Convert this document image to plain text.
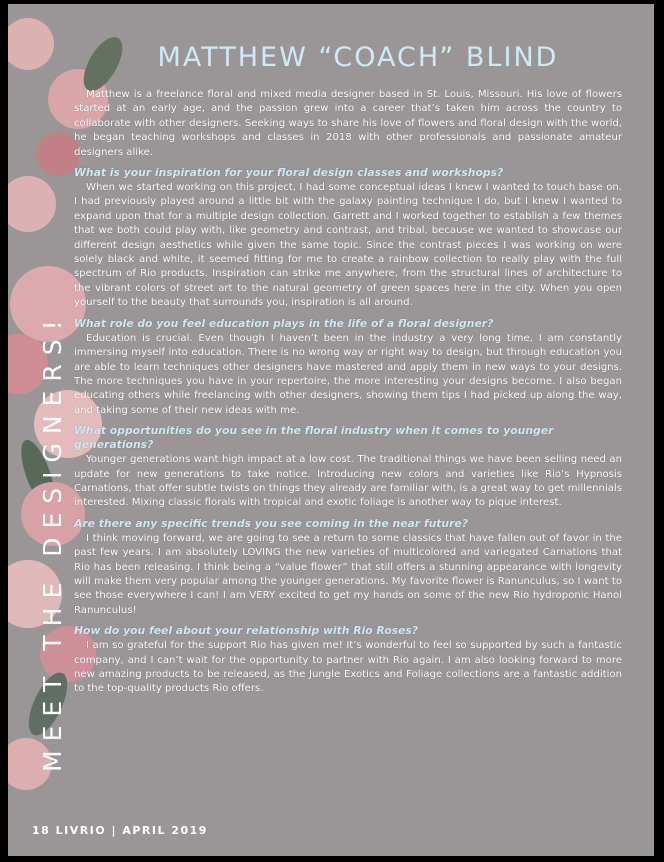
MEET THE DESIGNERS!
MATTHEW “COACH” BLIND

Matthew is a freelance floral and mixed media designer based in St. Louis, Missouri. His love of flowers started at an early age, and the passion grew into a career that’s taken him across the country to collaborate with other designers. Seeking ways to share his love of flowers and floral design with the world, he began teaching workshops and classes in 2018 with other professionals and passionate amateur designers alike.

What is your inspiration for your floral design classes and workshops?

When we started working on this project, I had some conceptual ideas I knew I wanted to touch base on. I had previously played around a little bit with the galaxy painting technique I do, but I knew I wanted to expand upon that for a multiple design collection. Garrett and I worked together to establish a few themes that we both could play with, like geometry and contrast, and tribal, because we wanted to showcase our different design aesthetics while given the same topic. Since the contrast pieces I was working on were solely black and white, it seemed fitting for me to create a rainbow collection to really play with the full spectrum of Rio products. Inspiration can strike me anywhere, from the structural lines of architecture to the vibrant colors of street art to the natural geometry of green spaces here in the city. When you open yourself to the beauty that surrounds you, inspiration is all around.

What role do you feel education plays in the life of a floral designer?

Education is crucial. Even though I haven’t been in the industry a very long time, I am constantly immersing myself into education. There is no wrong way or right way to design, but through education you are able to learn techniques other designers have mastered and apply them in new ways to your designs. The more techniques you have in your repertoire, the more interesting your designs become. I also began educating others while freelancing with other designers, showing them tips I had picked up along the way, and taking some of their new ideas with me.

What opportunities do you see in the floral industry when it comes to younger generations?

Younger generations want high impact at a low cost. The traditional things we have been selling need an update for new generations to take notice. Introducing new colors and varieties like Rio’s Hypnosis Carnations, that offer subtle twists on things they already are familiar with, is a great way to get millennials interested. Mixing classic florals with tropical and exotic foliage is another way to pique interest.

Are there any specific trends you see coming in the near future?

I think moving forward, we are going to see a return to some classics that have fallen out of favor in the past few years. I am absolutely LOVING the new varieties of multicolored and variegated Carnations that Rio has been releasing. I think being a “value flower” that still offers a stunning appearance with longevity will make them very popular among the younger generations. My favorite flower is Ranunculus, so I want to see those everywhere I can! I am VERY excited to get my hands on some of the new Rio hydroponic Hanoi Ranunculus!

How do you feel about your relationship with Rio Roses?

I am so grateful for the support Rio has given me! It’s wonderful to feel so supported by such a fantastic company, and I can’t wait for the opportunity to partner with Rio again. I am also looking forward to more new amazing products to be released, as the Jungle Exotics and Foliage collections are a fantastic addition to the top-quality products Rio offers.

18 LIVRIO | APRIL 2019
